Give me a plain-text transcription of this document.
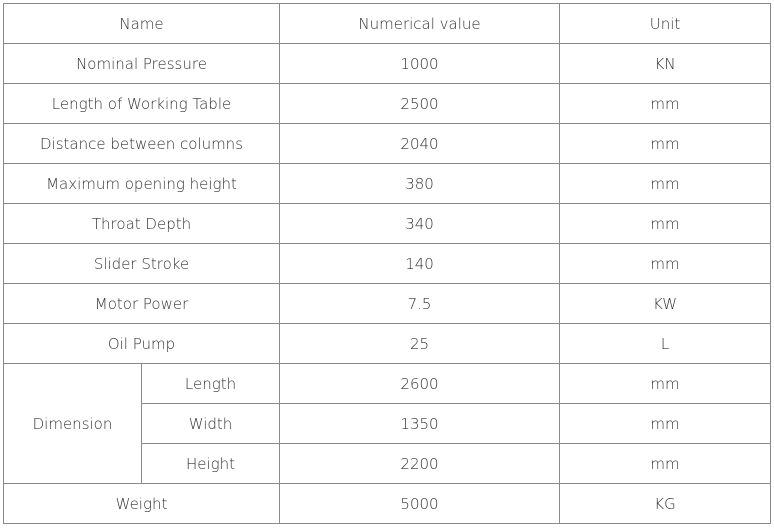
Name		Numerical value	Unit
Nominal Pressure		1000	KN
Length of Working Table		2500	mm
Distance between columns		2040	mm
Maximum opening height		380	mm
Throat Depth		340	mm
Slider Stroke		140	mm
Motor Power		7.5	KW
Oil Pump		25	L
Dimension	Length	2600	mm
	Width	1350	mm
	Height	2200	mm
Weight		5000	KG
